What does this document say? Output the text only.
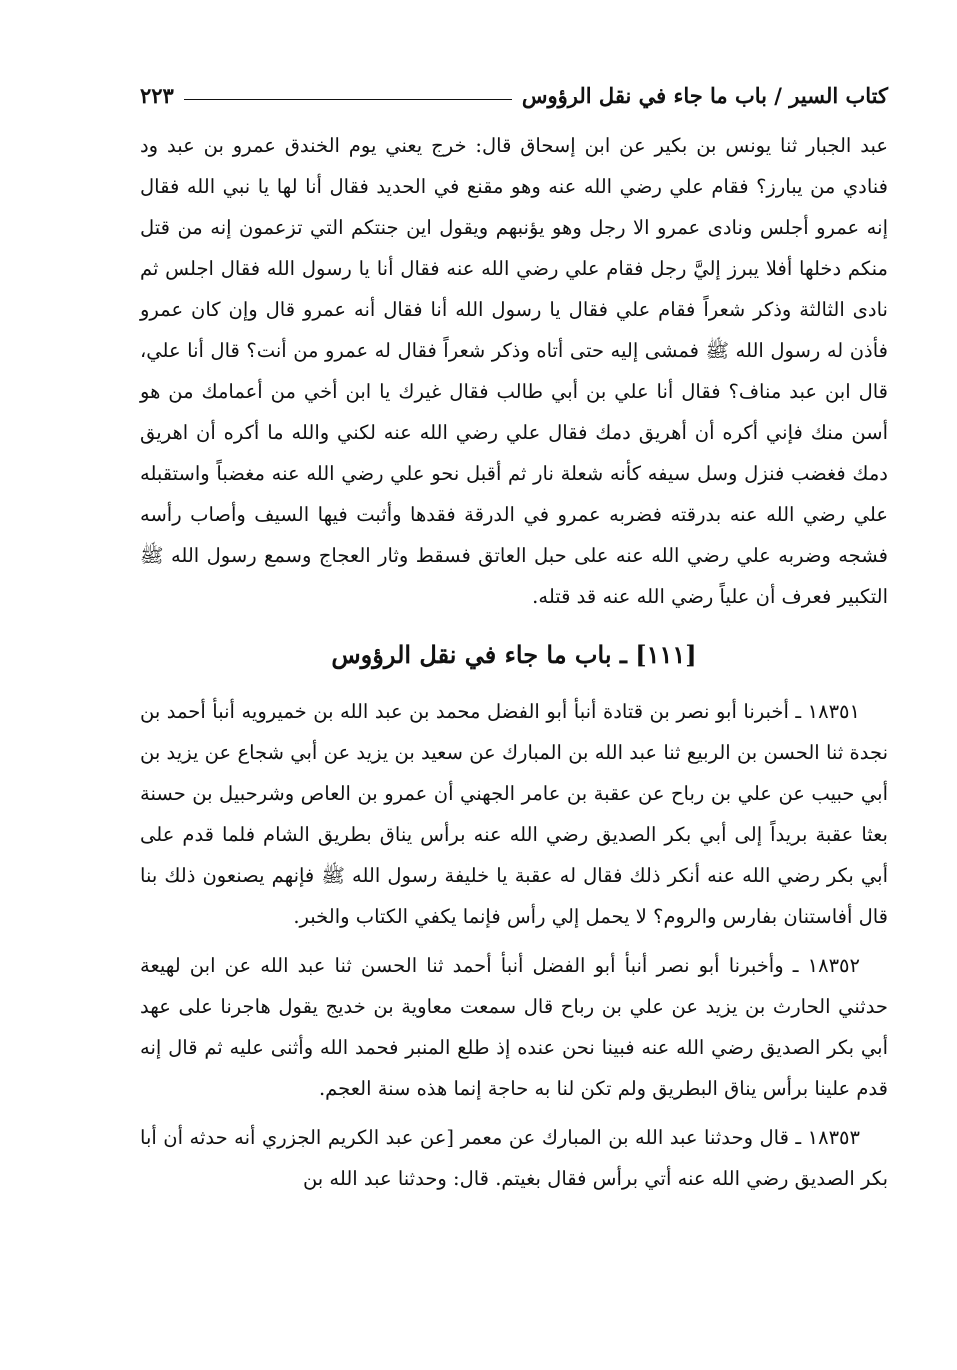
كتاب السير / باب ما جاء في نقل الرؤوس
٢٢٣

عبد الجبار ثنا يونس بن بكير عن ابن إسحاق قال: خرج يعني يوم الخندق عمرو بن عبد ود فنادي من يبارز؟ فقام علي رضي الله عنه وهو مقنع في الحديد فقال أنا لها يا نبي الله فقال إنه عمرو أجلس ونادى عمرو الا رجل وهو يؤنبهم ويقول اين جنتكم التي تزعمون إنه من قتل منكم دخلها أفلا يبرز إليَّ رجل فقام علي رضي الله عنه فقال أنا يا رسول الله فقال اجلس ثم نادى الثالثة وذكر شعراً فقام علي فقال يا رسول الله أنا فقال أنه عمرو قال وإن كان عمرو فأذن له رسول الله ﷺ فمشى إليه حتى أتاه وذكر شعراً فقال له عمرو من أنت؟ قال أنا علي، قال ابن عبد مناف؟ فقال أنا علي بن أبي طالب فقال غيرك يا ابن أخي من أعمامك من هو أسن منك فإني أكره أن أهريق دمك فقال علي رضي الله عنه لكني والله ما أكره أن اهريق دمك فغضب فنزل وسل سيفه كأنه شعلة نار ثم أقبل نحو علي رضي الله عنه مغضباً واستقبله علي رضي الله عنه بدرقته فضربه عمرو في الدرقة فقدها وأثبت فيها السيف وأصاب رأسه فشجه وضربه علي رضي الله عنه على حبل العاتق فسقط وثار العجاج وسمع رسول الله ﷺ التكبير فعرف أن علياً رضي الله عنه قد قتله.

[١١١] ـ باب ما جاء في نقل الرؤوس

١٨٣٥١ ـ أخبرنا أبو نصر بن قتادة أنبأ أبو الفضل محمد بن عبد الله بن خميرويه أنبأ أحمد بن نجدة ثنا الحسن بن الربيع ثنا عبد الله بن المبارك عن سعيد بن يزيد عن أبي شجاع عن يزيد بن أبي حبيب عن علي بن رباح عن عقبة بن عامر الجهني أن عمرو بن العاص وشرحبيل بن حسنة بعثا عقبة بريداً إلى أبي بكر الصديق رضي الله عنه برأس يناق بطريق الشام فلما قدم على أبي بكر رضي الله عنه أنكر ذلك فقال له عقبة يا خليفة رسول الله ﷺ فإنهم يصنعون ذلك بنا قال أفاستنان بفارس والروم؟ لا يحمل إلي رأس فإنما يكفي الكتاب والخبر.

١٨٣٥٢ ـ وأخبرنا أبو نصر أنبأ أبو الفضل أنبأ أحمد ثنا الحسن ثنا عبد الله عن ابن لهيعة حدثني الحارث بن يزيد عن علي بن رباح قال سمعت معاوية بن خديج يقول هاجرنا على عهد أبي بكر الصديق رضي الله عنه فبينا نحن عنده إذ طلع المنبر فحمد الله وأثنى عليه ثم قال إنه قدم علينا برأس يناق البطريق ولم تكن لنا به حاجة إنما هذه سنة العجم.

١٨٣٥٣ ـ قال وحدثنا عبد الله بن المبارك عن معمر [عن عبد الكريم الجزري أنه حدثه أن أبا بكر الصديق رضي الله عنه أتي برأس فقال بغيتم. قال: وحدثنا عبد الله بن
